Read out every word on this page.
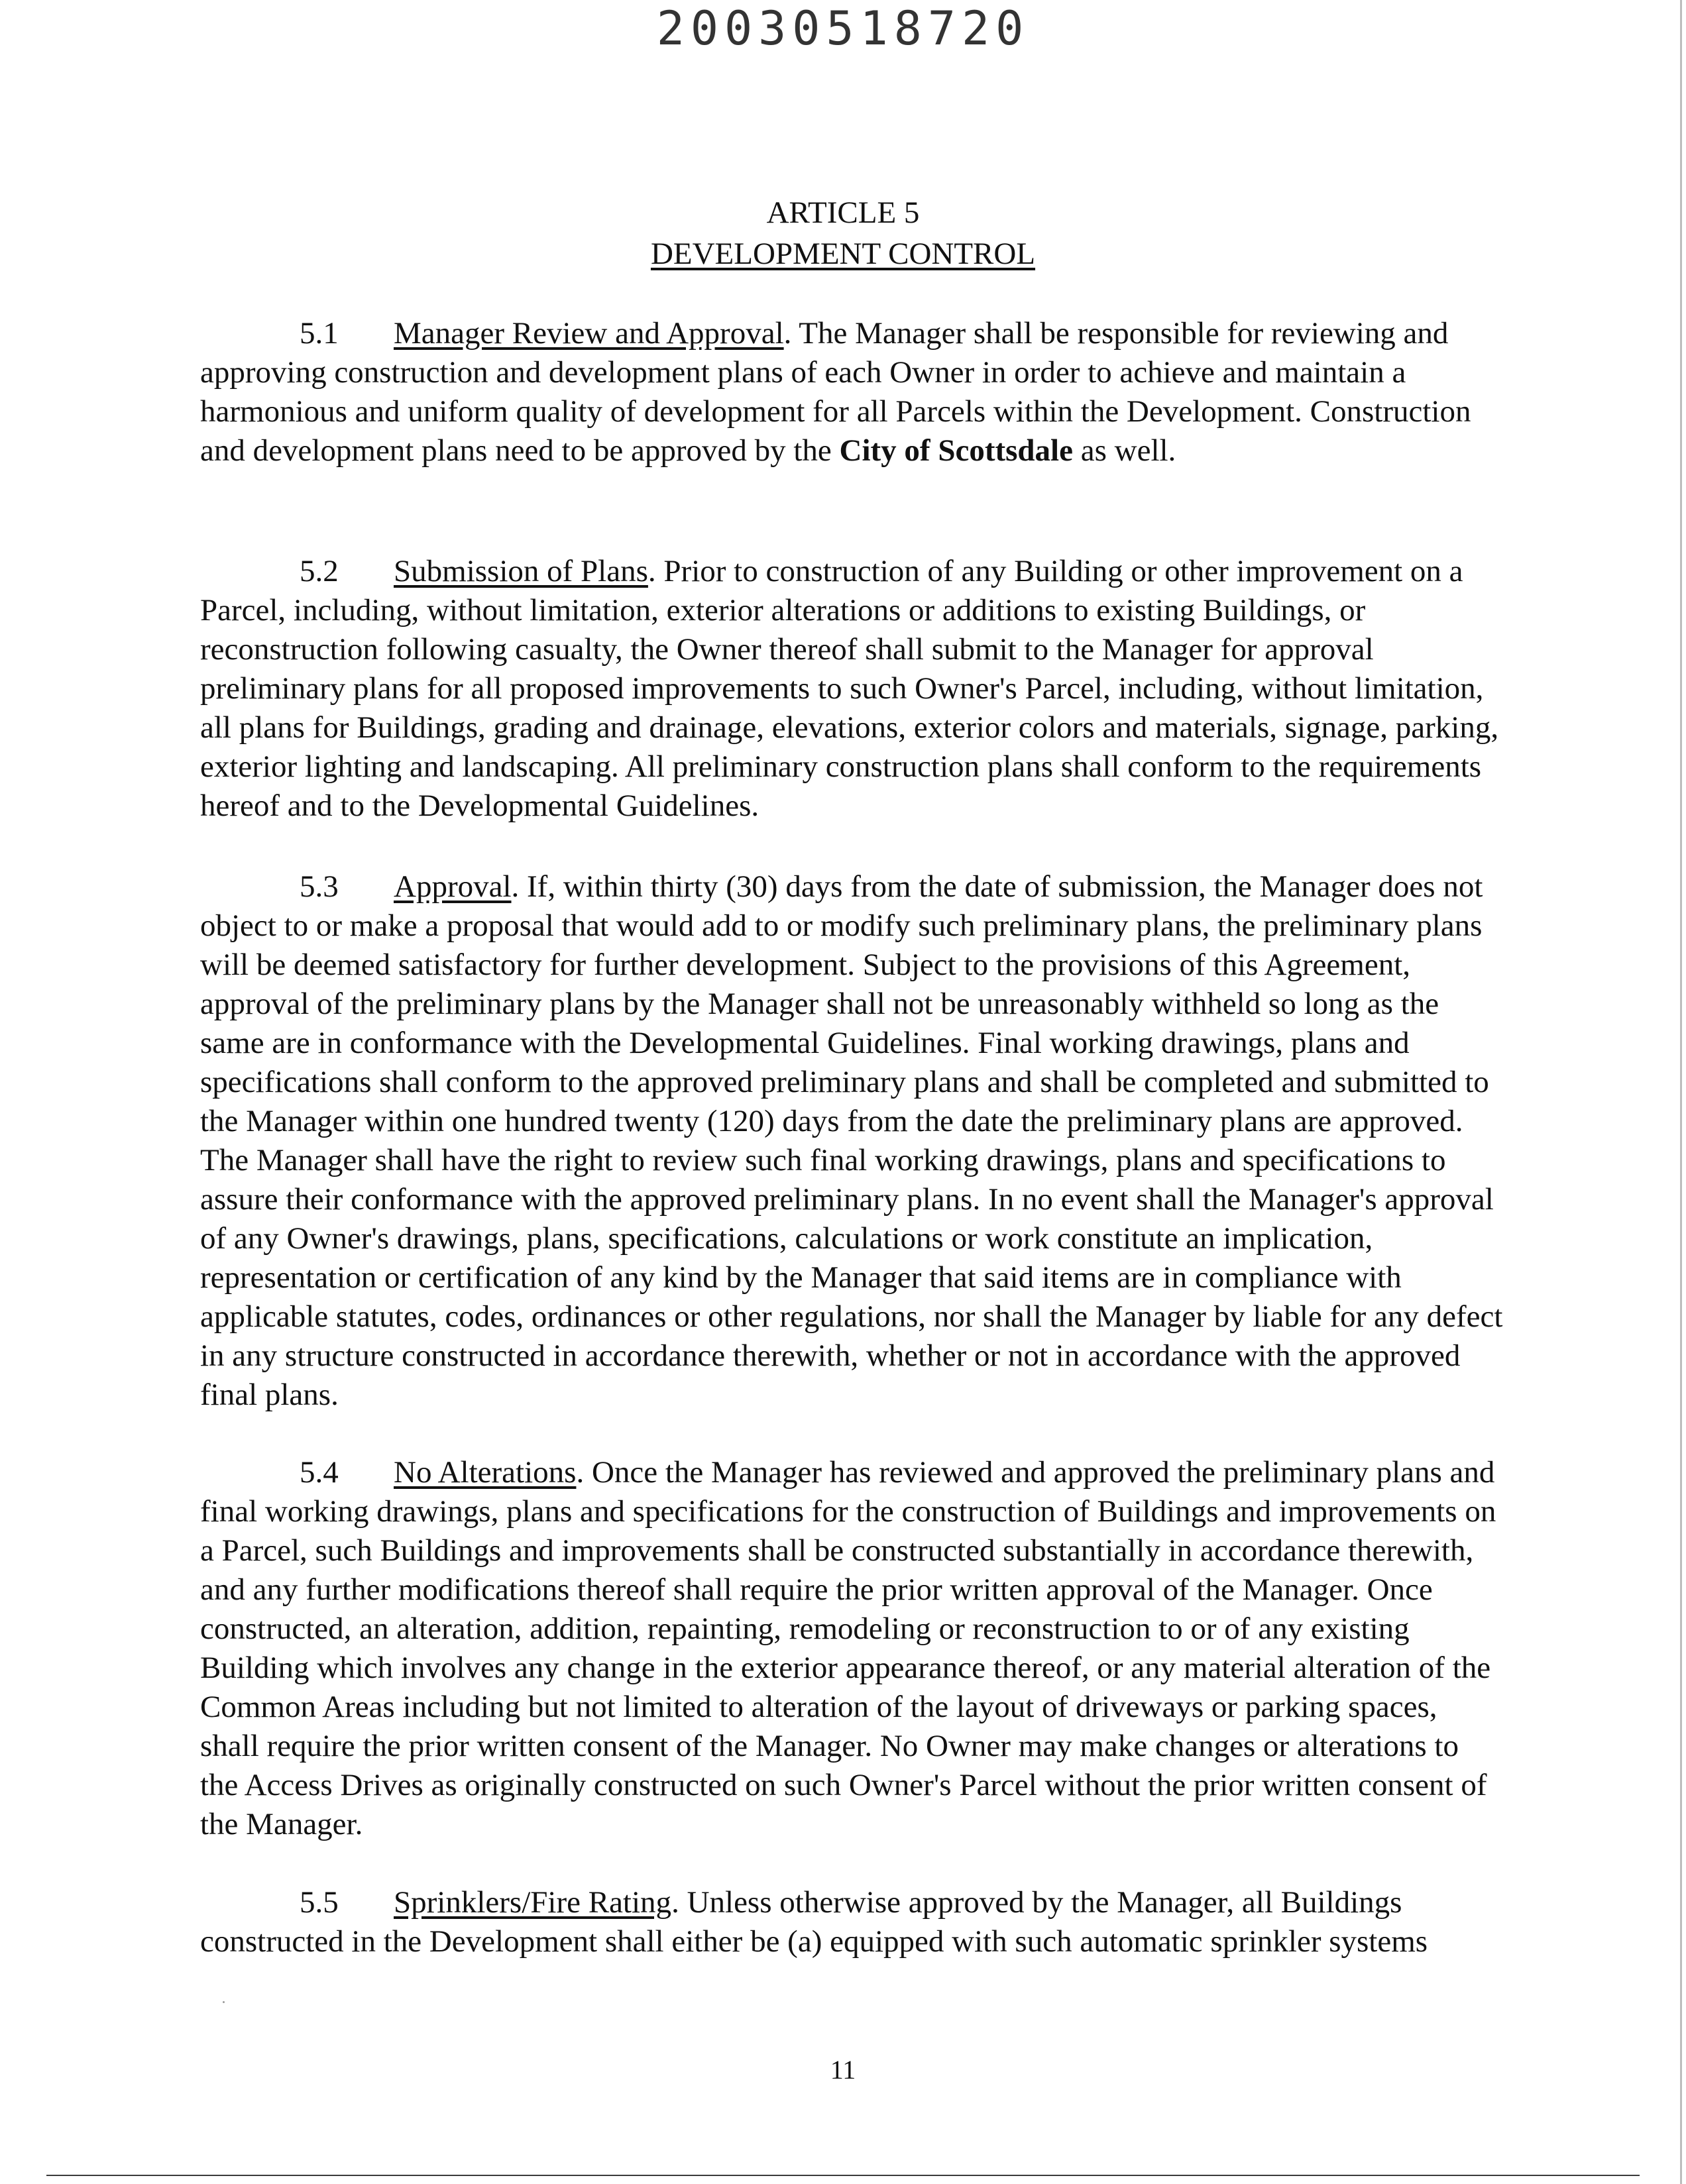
20030518720
ARTICLE 5
DEVELOPMENT CONTROL

5.1 Manager Review and Approval. The Manager shall be responsible for reviewing and approving construction and development plans of each Owner in order to achieve and maintain a harmonious and uniform quality of development for all Parcels within the Development. Construction and development plans need to be approved by the City of Scottsdale as well.

5.2 Submission of Plans. Prior to construction of any Building or other improvement on a Parcel, including, without limitation, exterior alterations or additions to existing Buildings, or reconstruction following casualty, the Owner thereof shall submit to the Manager for approval preliminary plans for all proposed improvements to such Owner's Parcel, including, without limitation, all plans for Buildings, grading and drainage, elevations, exterior colors and materials, signage, parking, exterior lighting and landscaping. All preliminary construction plans shall conform to the requirements hereof and to the Developmental Guidelines.

5.3 Approval. If, within thirty (30) days from the date of submission, the Manager does not object to or make a proposal that would add to or modify such preliminary plans, the preliminary plans will be deemed satisfactory for further development. Subject to the provisions of this Agreement, approval of the preliminary plans by the Manager shall not be unreasonably withheld so long as the same are in conformance with the Developmental Guidelines. Final working drawings, plans and specifications shall conform to the approved preliminary plans and shall be completed and submitted to the Manager within one hundred twenty (120) days from the date the preliminary plans are approved. The Manager shall have the right to review such final working drawings, plans and specifications to assure their conformance with the approved preliminary plans. In no event shall the Manager's approval of any Owner's drawings, plans, specifications, calculations or work constitute an implication, representation or certification of any kind by the Manager that said items are in compliance with applicable statutes, codes, ordinances or other regulations, nor shall the Manager by liable for any defect in any structure constructed in accordance therewith, whether or not in accordance with the approved final plans.

5.4 No Alterations. Once the Manager has reviewed and approved the preliminary plans and final working drawings, plans and specifications for the construction of Buildings and improvements on a Parcel, such Buildings and improvements shall be constructed substantially in accordance therewith, and any further modifications thereof shall require the prior written approval of the Manager. Once constructed, an alteration, addition, repainting, remodeling or reconstruction to or of any existing Building which involves any change in the exterior appearance thereof, or any material alteration of the Common Areas including but not limited to alteration of the layout of driveways or parking spaces, shall require the prior written consent of the Manager. No Owner may make changes or alterations to the Access Drives as originally constructed on such Owner's Parcel without the prior written consent of the Manager.

5.5 Sprinklers/Fire Rating. Unless otherwise approved by the Manager, all Buildings constructed in the Development shall either be (a) equipped with such automatic sprinkler systems

11
